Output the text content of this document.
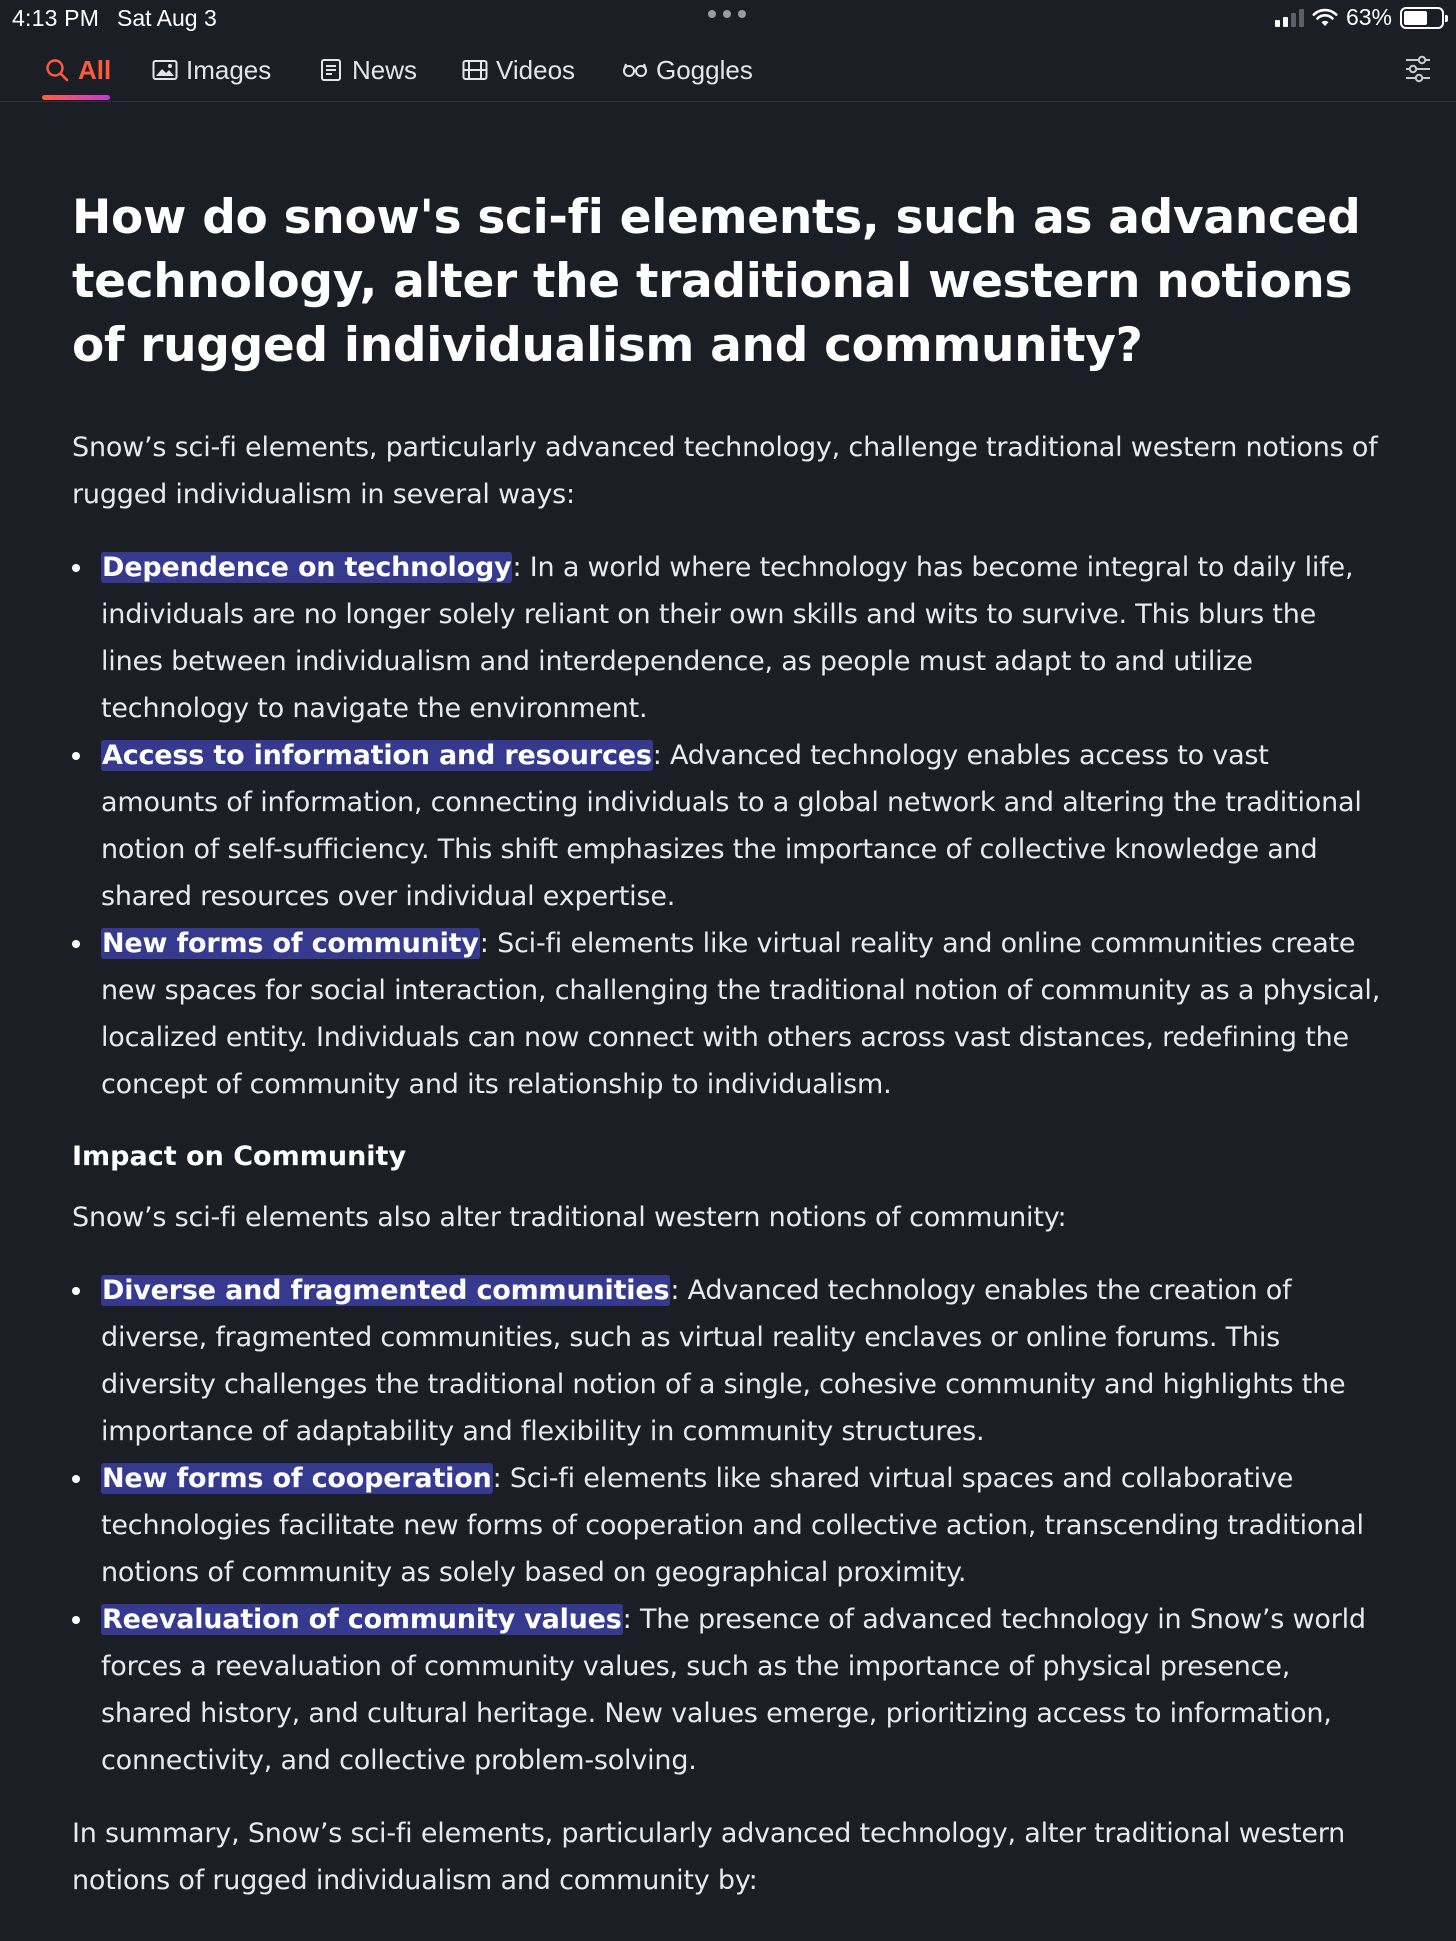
4:13 PM Sat Aug 3	63%
All	Images	News	Videos	Goggles
How do snow's sci-fi elements, such as advanced technology, alter the traditional western notions of rugged individualism and community?

Snow’s sci-fi elements, particularly advanced technology, challenge traditional western notions of rugged individualism in several ways:

Dependence on technology: In a world where technology has become integral to daily life, individuals are no longer solely reliant on their own skills and wits to survive. This blurs the lines between individualism and interdependence, as people must adapt to and utilize technology to navigate the environment.
Access to information and resources: Advanced technology enables access to vast amounts of information, connecting individuals to a global network and altering the traditional notion of self-sufficiency. This shift emphasizes the importance of collective knowledge and shared resources over individual expertise.
New forms of community: Sci-fi elements like virtual reality and online communities create new spaces for social interaction, challenging the traditional notion of community as a physical, localized entity. Individuals can now connect with others across vast distances, redefining the concept of community and its relationship to individualism.
Impact on Community

Snow’s sci-fi elements also alter traditional western notions of community:

Diverse and fragmented communities: Advanced technology enables the creation of diverse, fragmented communities, such as virtual reality enclaves or online forums. This diversity challenges the traditional notion of a single, cohesive community and highlights the importance of adaptability and flexibility in community structures.
New forms of cooperation: Sci-fi elements like shared virtual spaces and collaborative technologies facilitate new forms of cooperation and collective action, transcending traditional notions of community as solely based on geographical proximity.
Reevaluation of community values: The presence of advanced technology in Snow’s world forces a reevaluation of community values, such as the importance of physical presence, shared history, and cultural heritage. New values emerge, prioritizing access to information, connectivity, and collective problem-solving.

In summary, Snow’s sci-fi elements, particularly advanced technology, alter traditional western notions of rugged individualism and community by:
